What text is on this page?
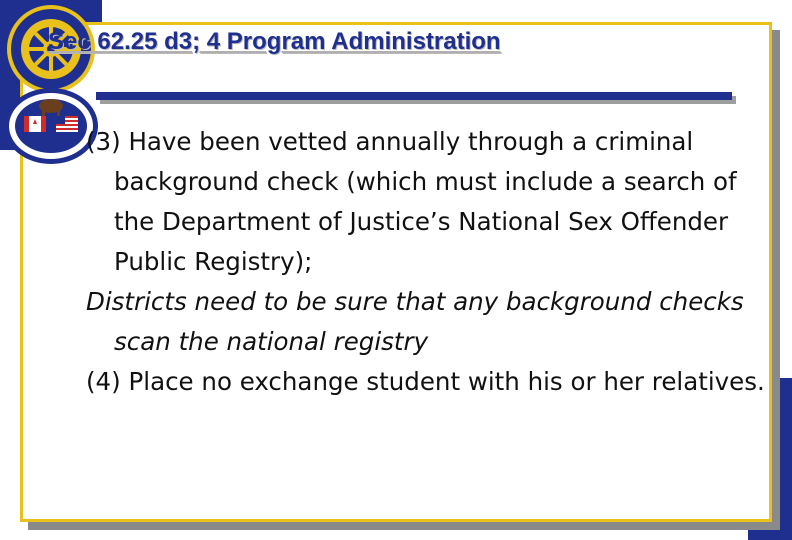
Sec 62.25 d3; 4 Program Administration

(3) Have been vetted annually through a criminal background check (which must include a search of the Department of Justice’s National Sex Offender Public Registry);

Districts need to be sure that any background checks scan the national registry

(4) Place no exchange student with his or her relatives.
